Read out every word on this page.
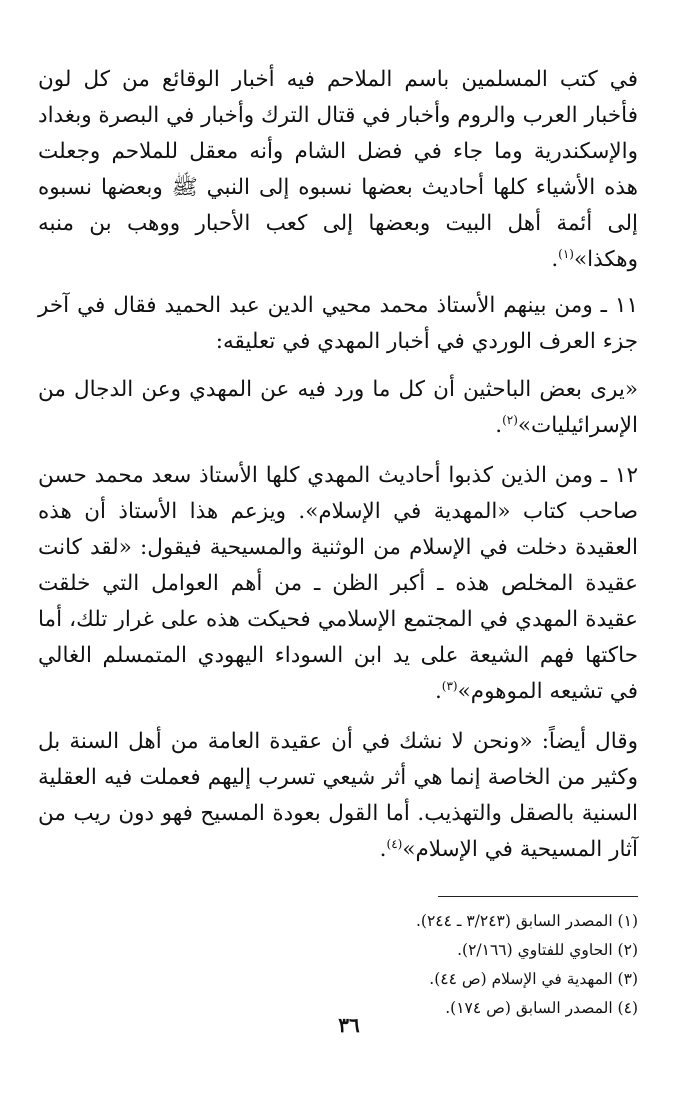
في كتب المسلمين باسم الملاحم فيه أخبار الوقائع من كل لون فأخبار العرب والروم وأخبار في قتال الترك وأخبار في البصرة وبغداد والإسكندرية وما جاء في فضل الشام وأنه معقل للملاحم وجعلت هذه الأشياء كلها أحاديث بعضها نسبوه إلى النبي ﷺ وبعضها نسبوه إلى أئمة أهل البيت وبعضها إلى كعب الأحبار ووهب بن منبه وهكذا»$^{(١)}$.

١١ ـ ومن بينهم الأستاذ محمد محيي الدين عبد الحميد فقال في آخر جزء العرف الوردي في أخبار المهدي في تعليقه:

«يرى بعض الباحثين أن كل ما ورد فيه عن المهدي وعن الدجال من الإسرائيليات»$^{(٢)}$.

١٢ ـ ومن الذين كذبوا أحاديث المهدي كلها الأستاذ سعد محمد حسن صاحب كتاب «المهدية في الإسلام». ويزعم هذا الأستاذ أن هذه العقيدة دخلت في الإسلام من الوثنية والمسيحية فيقول: «لقد كانت عقيدة المخلص هذه ـ أكبر الظن ـ من أهم العوامل التي خلقت عقيدة المهدي في المجتمع الإسلامي فحيكت هذه على غرار تلك، أما حاكتها فهم الشيعة على يد ابن السوداء اليهودي المتمسلم الغالي في تشيعه الموهوم»$^{(٣)}$.

وقال أيضاً: «ونحن لا نشك في أن عقيدة العامة من أهل السنة بل وكثير من الخاصة إنما هي أثر شيعي تسرب إليهم فعملت فيه العقلية السنية بالصقل والتهذيب. أما القول بعودة المسيح فهو دون ريب من آثار المسيحية في الإسلام»$^{(٤)}$.

(١) المصدر السابق (٣/٢٤٣ ـ ٢٤٤).
(٢) الحاوي للفتاوي (٢/١٦٦).
(٣) المهدية في الإسلام (ص ٤٤).
(٤) المصدر السابق (ص ١٧٤).
٣٦
